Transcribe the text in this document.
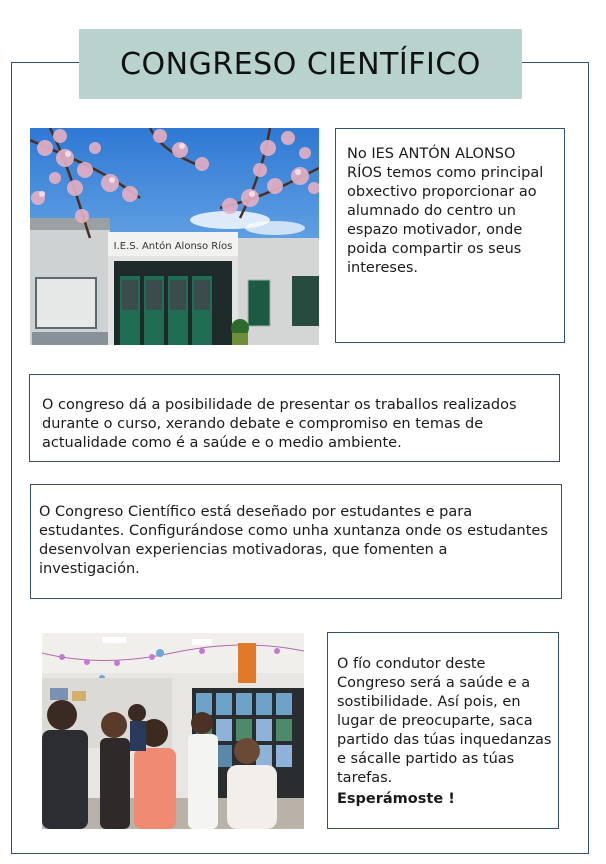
CONGRESO CIENTÍFICO
I.E.S. Antón Alonso Ríos

No IES ANTÓN ALONSO RÍOS temos como principal obxectivo proporcionar ao alumnado do centro un espazo motivador, onde poida compartir os seus intereses.

O congreso dá a posibilidade de presentar os traballos realizados durante o curso, xerando debate e compromiso en temas de actualidade como é a saúde e o medio ambiente.

O Congreso Científico está deseñado por estudantes e para estudantes. Configurándose como unha xuntanza onde os estudantes desenvolvan experiencias motivadoras, que fomenten a investigación.

O fío condutor deste Congreso será a saúde e a sostibilidade. Así pois, en lugar de preocuparte, saca partido das túas inquedanzas e sácalle partido as túas tarefas.

Esperámoste !
